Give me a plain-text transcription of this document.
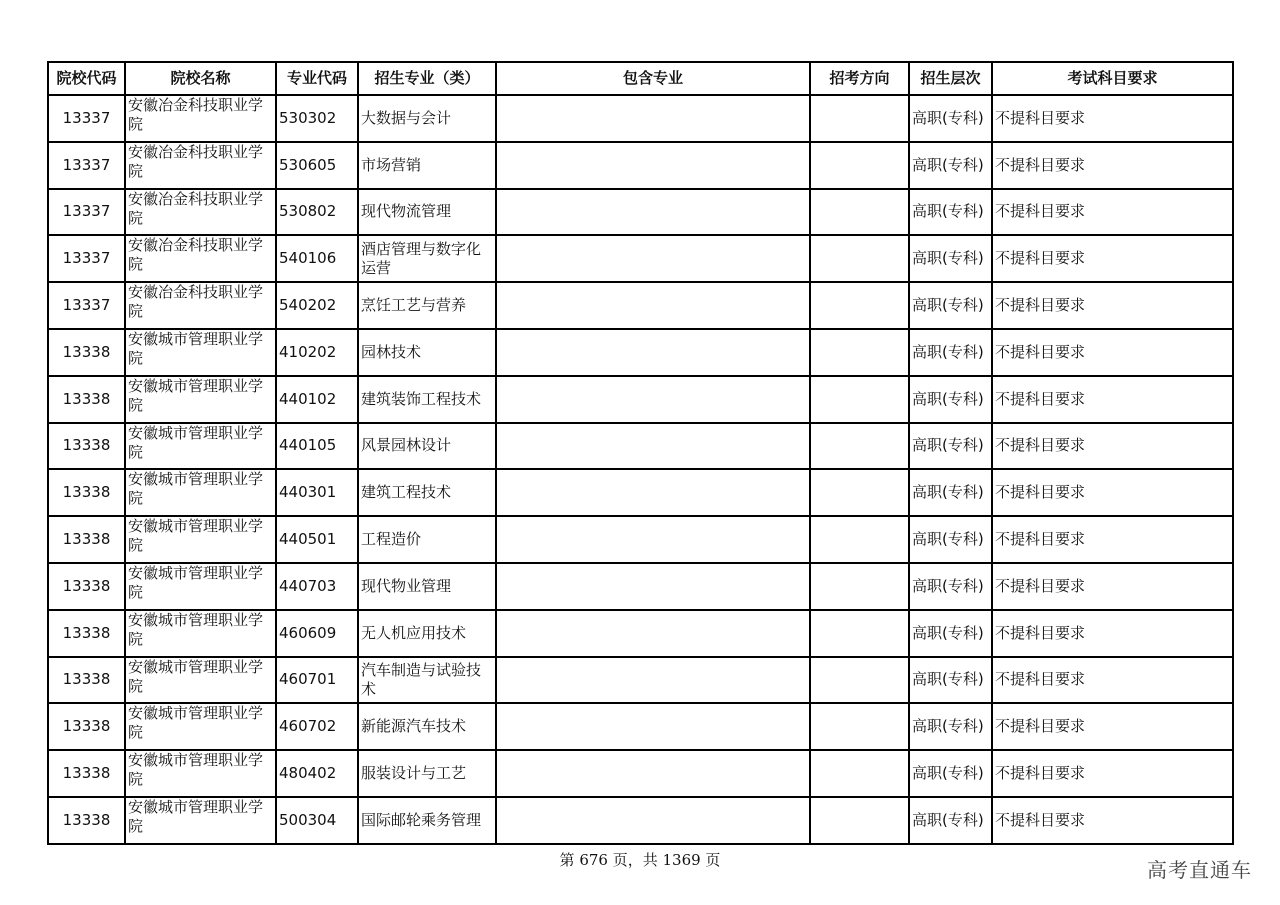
院校代码	院校名称	专业代码	招生专业（类）	包含专业	招考方向	招生层次	考试科目要求
13337	安徽冶金科技职业学院	530302	大数据与会计			高职(专科)	不提科目要求
13337	安徽冶金科技职业学院	530605	市场营销			高职(专科)	不提科目要求
13337	安徽冶金科技职业学院	530802	现代物流管理			高职(专科)	不提科目要求
13337	安徽冶金科技职业学院	540106	酒店管理与数字化运营			高职(专科)	不提科目要求
13337	安徽冶金科技职业学院	540202	烹饪工艺与营养			高职(专科)	不提科目要求
13338	安徽城市管理职业学院	410202	园林技术			高职(专科)	不提科目要求
13338	安徽城市管理职业学院	440102	建筑装饰工程技术			高职(专科)	不提科目要求
13338	安徽城市管理职业学院	440105	风景园林设计			高职(专科)	不提科目要求
13338	安徽城市管理职业学院	440301	建筑工程技术			高职(专科)	不提科目要求
13338	安徽城市管理职业学院	440501	工程造价			高职(专科)	不提科目要求
13338	安徽城市管理职业学院	440703	现代物业管理			高职(专科)	不提科目要求
13338	安徽城市管理职业学院	460609	无人机应用技术			高职(专科)	不提科目要求
13338	安徽城市管理职业学院	460701	汽车制造与试验技术			高职(专科)	不提科目要求
13338	安徽城市管理职业学院	460702	新能源汽车技术			高职(专科)	不提科目要求
13338	安徽城市管理职业学院	480402	服装设计与工艺			高职(专科)	不提科目要求
13338	安徽城市管理职业学院	500304	国际邮轮乘务管理			高职(专科)	不提科目要求
第 676 页，共 1369 页	高考直通车
